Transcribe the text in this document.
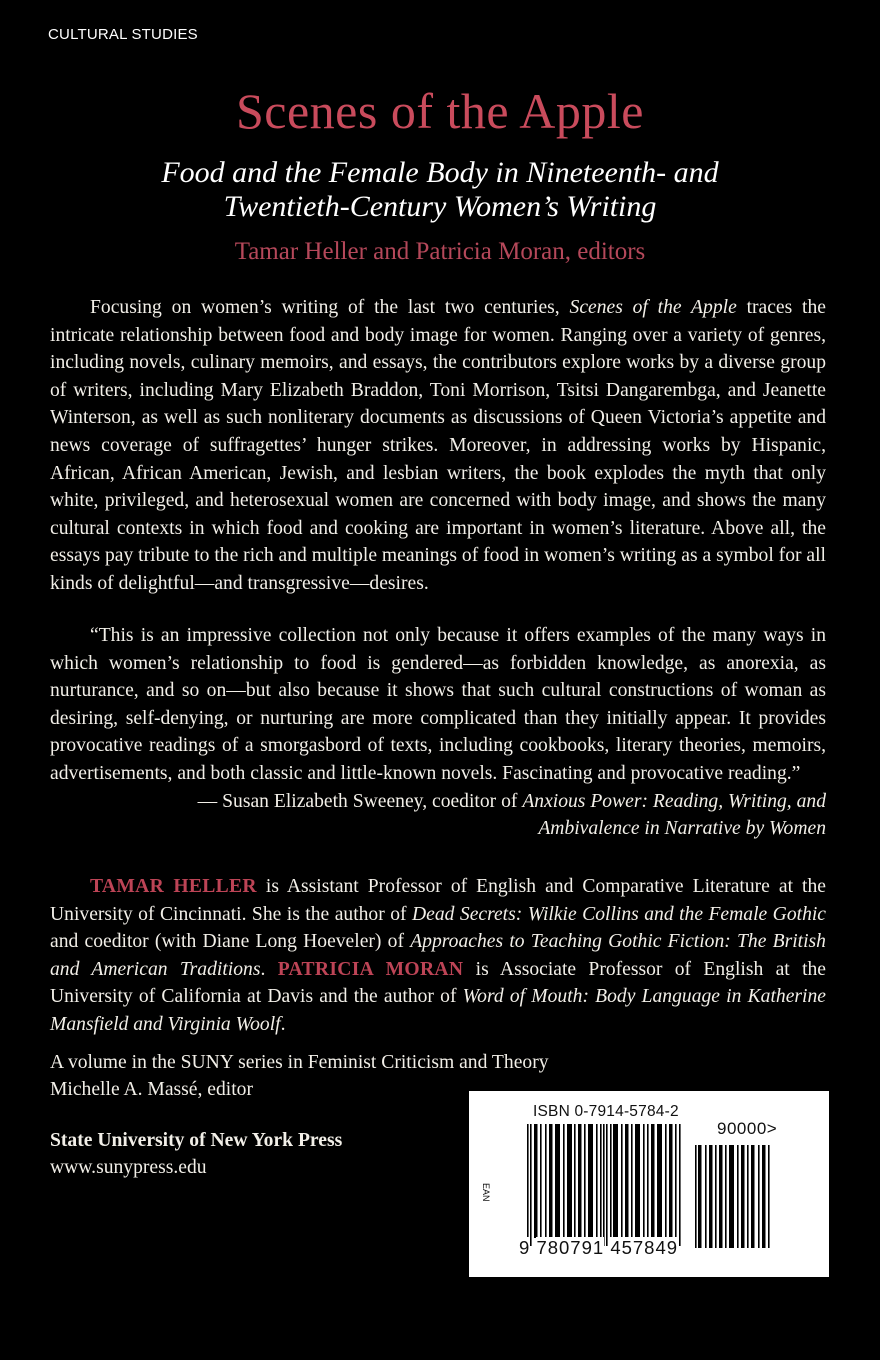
CULTURAL STUDIES
Scenes of the Apple
Food and the Female Body in Nineteenth- and
Twentieth-Century Women’s Writing
Tamar Heller and Patricia Moran, editors

Focusing on women’s writing of the last two centuries, Scenes of the Apple traces the intricate relationship between food and body image for women. Ranging over a variety of genres, including novels, culinary memoirs, and essays, the contributors explore works by a diverse group of writers, including Mary Elizabeth Braddon, Toni Morrison, Tsitsi Dangarembga, and Jeanette Winterson, as well as such nonliterary documents as discussions of Queen Victoria’s appetite and news coverage of suffragettes’ hunger strikes. Moreover, in addressing works by Hispanic, African, African American, Jewish, and lesbian writers, the book explodes the myth that only white, privileged, and heterosexual women are concerned with body image, and shows the many cultural contexts in which food and cooking are important in women’s literature. Above all, the essays pay tribute to the rich and multiple meanings of food in women’s writing as a symbol for all kinds of delightful—and transgressive—desires.

“This is an impressive collection not only because it offers examples of the many ways in which women’s relationship to food is gendered—as forbidden knowledge, as anorexia, as nurturance, and so on—but also because it shows that such cultural constructions of woman as desiring, self-denying, or nurturing are more complicated than they initially appear. It provides provocative readings of a smorgasbord of texts, including cookbooks, literary theories, memoirs, advertisements, and both classic and little-known novels. Fascinating and provocative reading.”

— Susan Elizabeth Sweeney, coeditor of Anxious Power: Reading, Writing, and
Ambivalence in Narrative by Women

TAMAR HELLER is Assistant Professor of English and Comparative Literature at the University of Cincinnati. She is the author of Dead Secrets: Wilkie Collins and the Female Gothic and coeditor (with Diane Long Hoeveler) of Approaches to Teaching Gothic Fiction: The British and American Traditions. PATRICIA MORAN is Associate Professor of English at the University of California at Davis and the author of Word of Mouth: Body Language in Katherine Mansfield and Virginia Woolf.

A volume in the SUNY series in Feminist Criticism and Theory
Michelle A. Massé, editor
State University of New York Press
www.sunypress.edu
ISBN 0-7914-5784-2
90000>
EAN
9 780791 457849
